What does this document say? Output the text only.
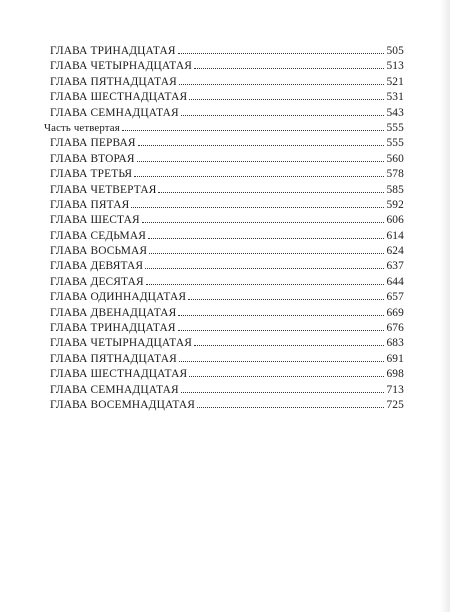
ГЛАВА ТРИНАДЦАТАЯ	505
ГЛАВА ЧЕТЫРНАДЦАТАЯ	513
ГЛАВА ПЯТНАДЦАТАЯ	521
ГЛАВА ШЕСТНАДЦАТАЯ	531
ГЛАВА СЕМНАДЦАТАЯ	543
Часть четвертая	555
ГЛАВА ПЕРВАЯ	555
ГЛАВА ВТОРАЯ	560
ГЛАВА ТРЕТЬЯ	578
ГЛАВА ЧЕТВЕРТАЯ	585
ГЛАВА ПЯТАЯ	592
ГЛАВА ШЕСТАЯ	606
ГЛАВА СЕДЬМАЯ	614
ГЛАВА ВОСЬМАЯ	624
ГЛАВА ДЕВЯТАЯ	637
ГЛАВА ДЕСЯТАЯ	644
ГЛАВА ОДИННАДЦАТАЯ	657
ГЛАВА ДВЕНАДЦАТАЯ	669
ГЛАВА ТРИНАДЦАТАЯ	676
ГЛАВА ЧЕТЫРНАДЦАТАЯ	683
ГЛАВА ПЯТНАДЦАТАЯ	691
ГЛАВА ШЕСТНАДЦАТАЯ	698
ГЛАВА СЕМНАДЦАТАЯ	713
ГЛАВА ВОСЕМНАДЦАТАЯ	725
